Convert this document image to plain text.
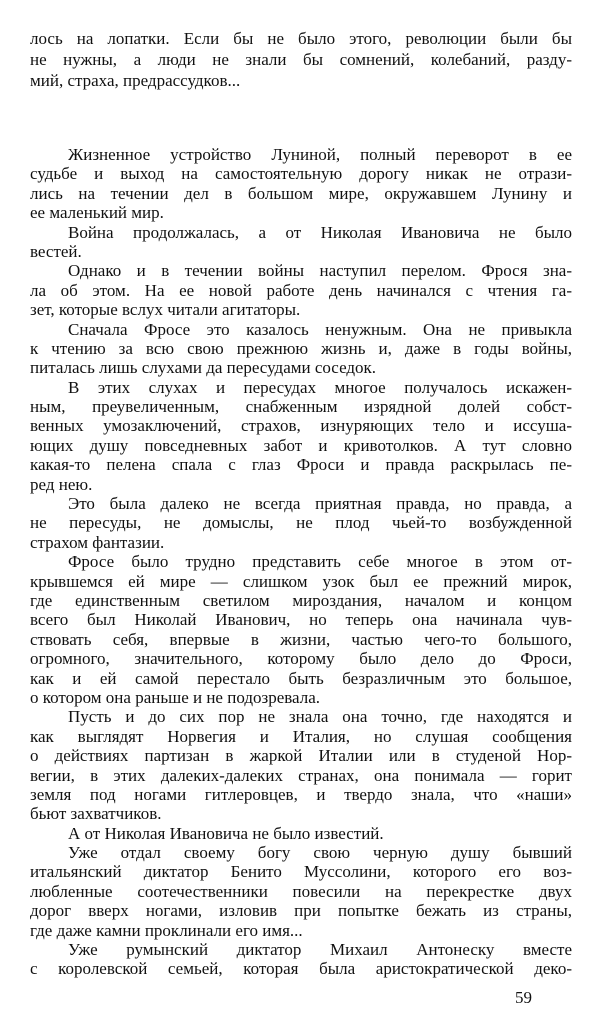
лось на лопатки. Если бы не было этого, революции были бы
не нужны, а люди не знали бы сомнений, колебаний, разду-
мий, страха, предрассудков...
Жизненное устройство Луниной, полный переворот в ее
судьбе и выход на самостоятельную дорогу никак не отрази-
лись на течении дел в большом мире, окружавшем Лунину и
ее маленький мир.
Война продолжалась, а от Николая Ивановича не было
вестей.
Однако и в течении войны наступил перелом. Фрося зна-
ла об этом. На ее новой работе день начинался с чтения га-
зет, которые вслух читали агитаторы.
Сначала Фросе это казалось ненужным. Она не привыкла
к чтению за всю свою прежнюю жизнь и, даже в годы войны,
питалась лишь слухами да пересудами соседок.
В этих слухах и пересудах многое получалось искажен-
ным, преувеличенным, снабженным изрядной долей собст-
венных умозаключений, страхов, изнуряющих тело и иссуша-
ющих душу повседневных забот и кривотолков. А тут словно
какая-то пелена спала с глаз Фроси и правда раскрылась пе-
ред нею.
Это была далеко не всегда приятная правда, но правда, а
не пересуды, не домыслы, не плод чьей-то возбужденной
страхом фантазии.
Фросе было трудно представить себе многое в этом от-
крывшемся ей мире — слишком узок был ее прежний мирок,
где единственным светилом мироздания, началом и концом
всего был Николай Иванович, но теперь она начинала чув-
ствовать себя, впервые в жизни, частью чего-то большого,
огромного, значительного, которому было дело до Фроси,
как и ей самой перестало быть безразличным это большое,
о котором она раньше и не подозревала.
Пусть и до сих пор не знала она точно, где находятся и
как выглядят Норвегия и Италия, но слушая сообщения
о действиях партизан в жаркой Италии или в студеной Нор-
вегии, в этих далеких-далеких странах, она понимала — горит
земля под ногами гитлеровцев, и твердо знала, что «наши»
бьют захватчиков.
А от Николая Ивановича не было известий.
Уже отдал своему богу свою черную душу бывший
итальянский диктатор Бенито Муссолини, которого его воз-
любленные соотечественники повесили на перекрестке двух
дорог вверх ногами, изловив при попытке бежать из страны,
где даже камни проклинали его имя...
Уже румынский диктатор Михаил Антонеску вместе
с королевской семьей, которая была аристократической деко-
59
